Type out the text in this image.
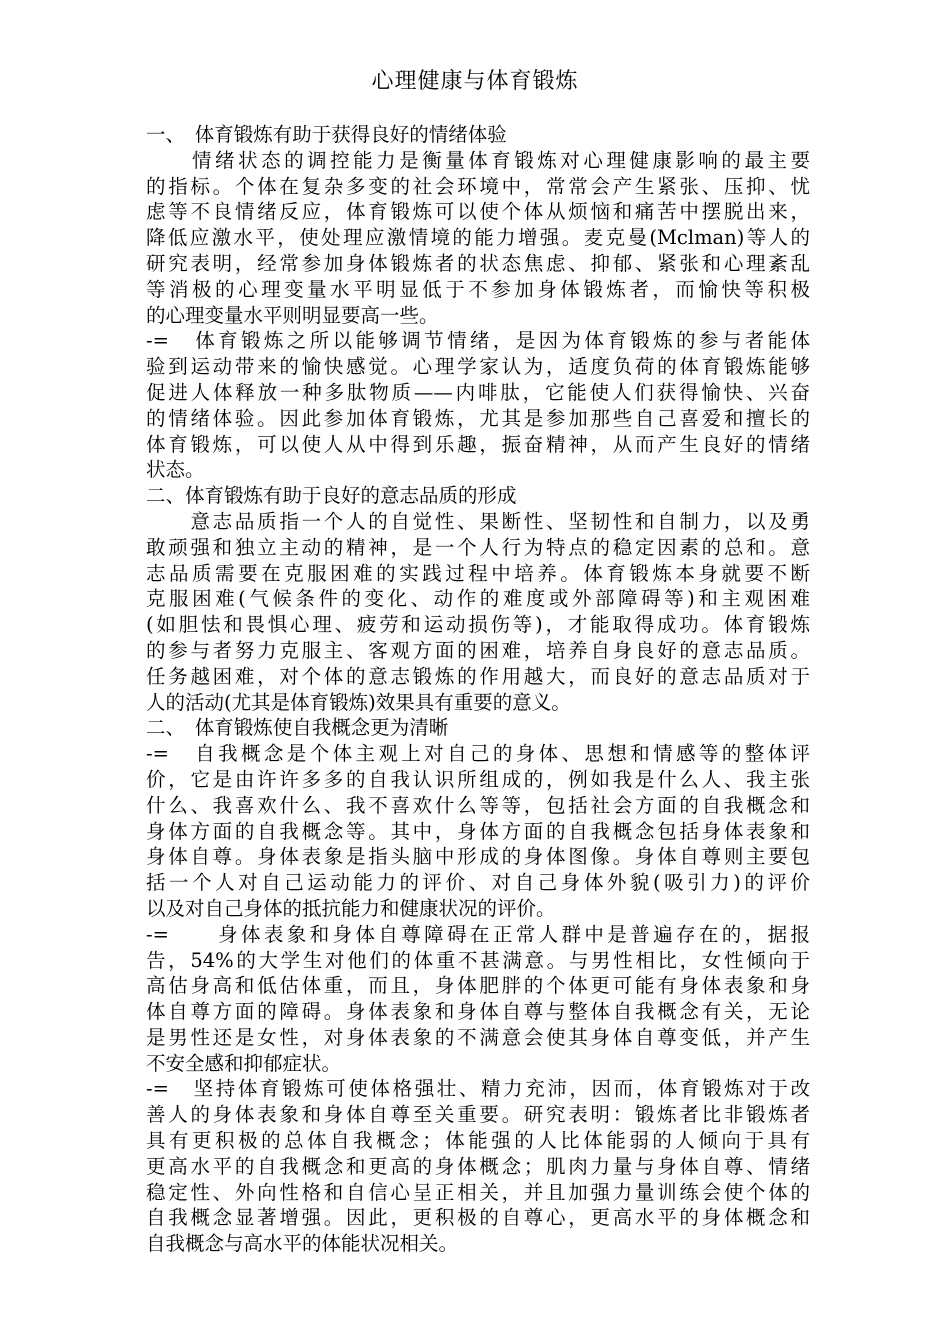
心理健康与体育锻炼
一、　体育锻炼有助于获得良好的情绪体验
　　情绪状态的调控能力是衡量体育锻炼对心理健康影响的最主要
的指标。个体在复杂多变的社会环境中，常常会产生紧张、压抑、忧
虑等不良情绪反应，体育锻炼可以使个体从烦恼和痛苦中摆脱出来，
降低应激水平，使处理应激情境的能力增强。麦克曼(Mclman)等人的
研究表明，经常参加身体锻炼者的状态焦虑、抑郁、紧张和心理紊乱
等消极的心理变量水平明显低于不参加身体锻炼者，而愉快等积极
的心理变量水平则明显要高一些。
-=　体育锻炼之所以能够调节情绪，是因为体育锻炼的参与者能体
验到运动带来的愉快感觉。心理学家认为，适度负荷的体育锻炼能够
促进人体释放一种多肽物质——内啡肽，它能使人们获得愉快、兴奋
的情绪体验。因此参加体育锻炼，尤其是参加那些自己喜爱和擅长的
体育锻炼，可以使人从中得到乐趣，振奋精神，从而产生良好的情绪
状态。
二、体育锻炼有助于良好的意志品质的形成
　　意志品质指一个人的自觉性、果断性、坚韧性和自制力，以及勇
敢顽强和独立主动的精神，是一个人行为特点的稳定因素的总和。意
志品质需要在克服困难的实践过程中培养。体育锻炼本身就要不断
克服困难(气候条件的变化、动作的难度或外部障碍等)和主观困难
(如胆怯和畏惧心理、疲劳和运动损伤等)，才能取得成功。体育锻炼
的参与者努力克服主、客观方面的困难，培养自身良好的意志品质。
任务越困难，对个体的意志锻炼的作用越大，而良好的意志品质对于
人的活动(尤其是体育锻炼)效果具有重要的意义。
二、　体育锻炼使自我概念更为清晰
-=　自我概念是个体主观上对自己的身体、思想和情感等的整体评
价，它是由许许多多的自我认识所组成的，例如我是什么人、我主张
什么、我喜欢什么、我不喜欢什么等等，包括社会方面的自我概念和
身体方面的自我概念等。其中，身体方面的自我概念包括身体表象和
身体自尊。身体表象是指头脑中形成的身体图像。身体自尊则主要包
括一个人对自己运动能力的评价、对自己身体外貌(吸引力)的评价
以及对自己身体的抵抗能力和健康状况的评价。
-=　　身体表象和身体自尊障碍在正常人群中是普遍存在的，据报
告，54%的大学生对他们的体重不甚满意。与男性相比，女性倾向于
高估身高和低估体重，而且，身体肥胖的个体更可能有身体表象和身
体自尊方面的障碍。身体表象和身体自尊与整体自我概念有关，无论
是男性还是女性，对身体表象的不满意会使其身体自尊变低，并产生
不安全感和抑郁症状。
-=　坚持体育锻炼可使体格强壮、精力充沛，因而，体育锻炼对于改
善人的身体表象和身体自尊至关重要。研究表明：锻炼者比非锻炼者
具有更积极的总体自我概念；体能强的人比体能弱的人倾向于具有
更高水平的自我概念和更高的身体概念；肌肉力量与身体自尊、情绪
稳定性、外向性格和自信心呈正相关，并且加强力量训练会使个体的
自我概念显著增强。因此，更积极的自尊心，更高水平的身体概念和
自我概念与高水平的体能状况相关。
